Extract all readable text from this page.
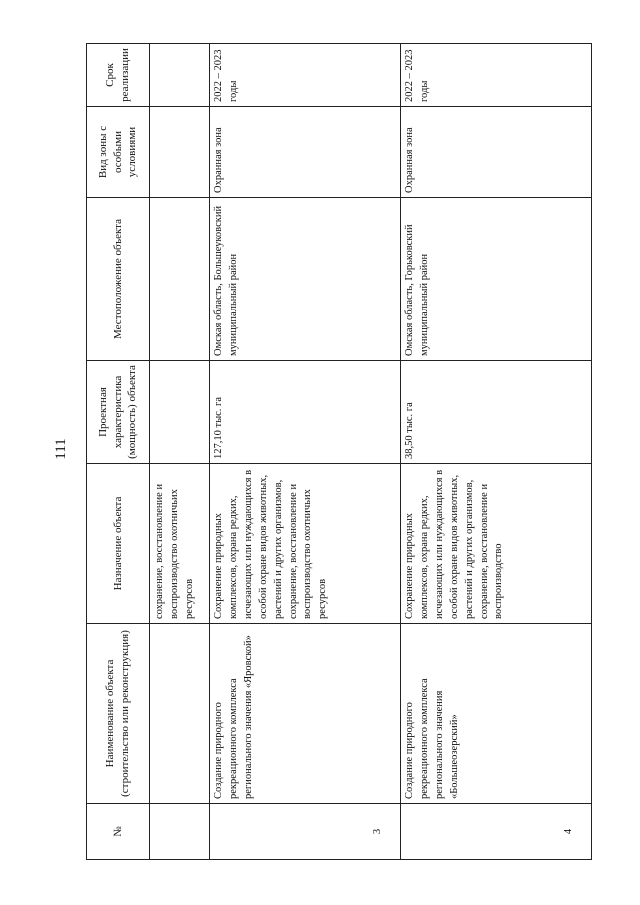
111
№	Наименование объекта (строительство или реконструкция)	Назначение объекта	Проектная характеристика (мощность) объекта	Местоположение объекта	Вид зоны с особыми условиями	Срок реализации
		сохранение, восстановление и воспроизводство охотничьих ресурсов				
3	Создание природного рекреационного комплекса регионального значения «Яровской»	Сохранение природных комплексов, охрана редких, исчезающих или нуждающихся в особой охране видов животных, растений и других организмов, сохранение, восстановление и воспроизводство охотничьих ресурсов	127,10 тыс. га	Омская область, Большеуковский муниципальный район	Охранная зона	2022 – 2023 годы
4	Создание природного рекреационного комплекса регионального значения «Большеозерский»	Сохранение природных комплексов, охрана редких, исчезающих или нуждающихся в особой охране видов животных, растений и других организмов, сохранение, восстановление и воспроизводство	38,50 тыс. га	Омская область, Горьковский муниципальный район	Охранная зона	2022 – 2023 годы
